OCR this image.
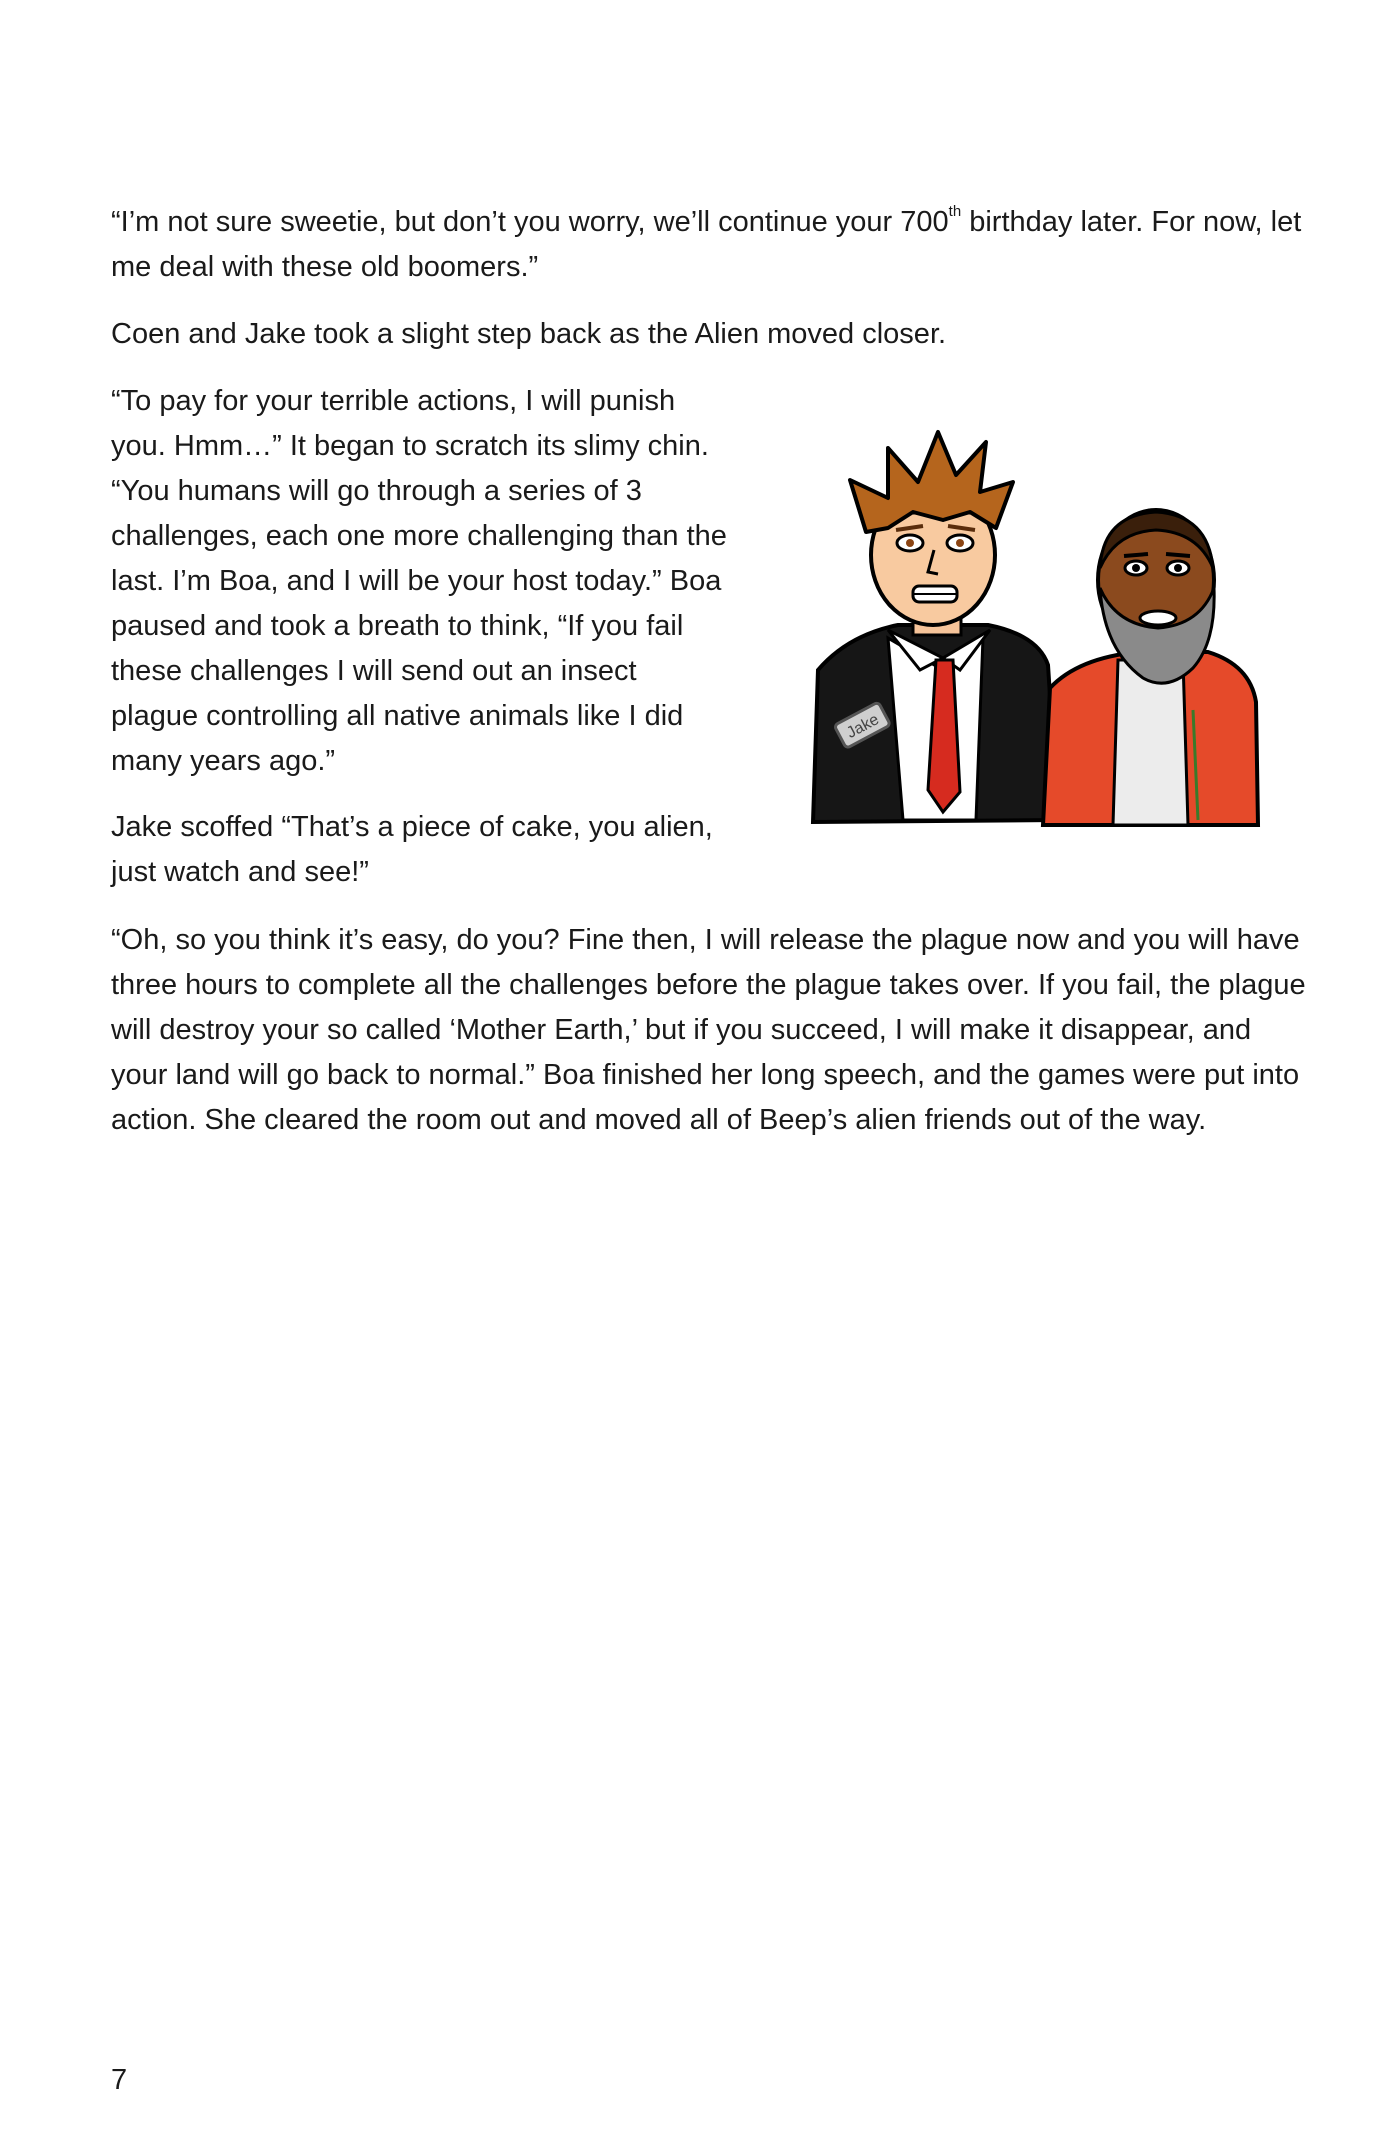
“I’m not sure sweetie, but don’t you worry, we’ll continue your 700th birthday later. For now, let me deal with these old boomers.”

Coen and Jake took a slight step back as the Alien moved closer.

“To pay for your terrible actions, I will punish you. Hmm…” It began to scratch its slimy chin. “You humans will go through a series of 3 challenges, each one more challenging than the last. I’m Boa, and I will be your host today.” Boa paused and took a breath to think, “If you fail these challenges I will send out an insect plague controlling all native animals like I did many years ago.”

Jake scoffed “That’s a piece of cake, you alien, just watch and see!”

“Oh, so you think it’s easy, do you? Fine then, I will release the plague now and you will have three hours to complete all the challenges before the plague takes over. If you fail, the plague will destroy your so called ‘Mother Earth,’ but if you succeed, I will make it disappear, and your land will go back to normal.” Boa finished her long speech, and the games were put into action. She cleared the room out and moved all of Beep’s alien friends out of the way.

Jake
7
